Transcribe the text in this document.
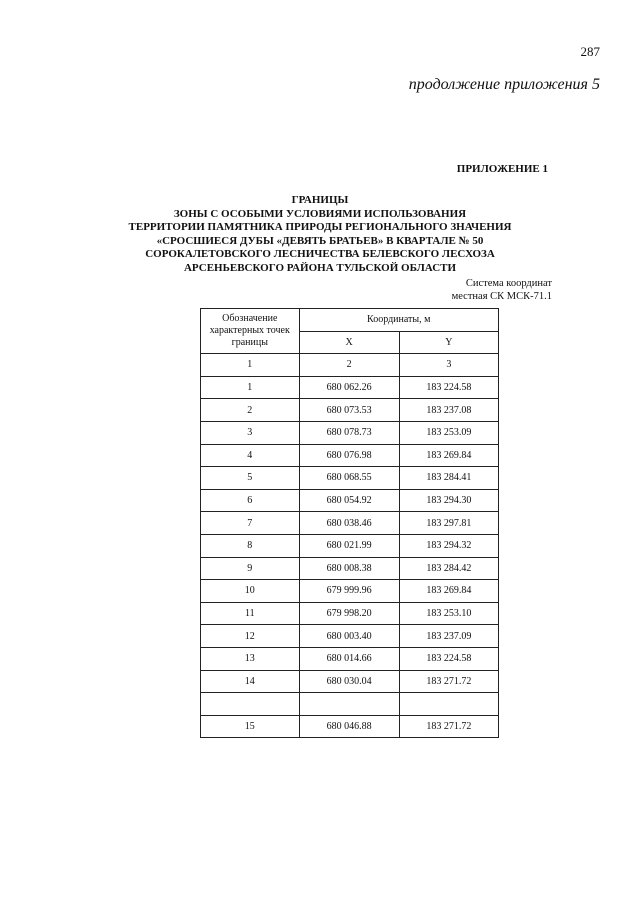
287
продолжение приложения 5
ПРИЛОЖЕНИЕ 1
ГРАНИЦЫ
ЗОНЫ С ОСОБЫМИ УСЛОВИЯМИ ИСПОЛЬЗОВАНИЯ
ТЕРРИТОРИИ ПАМЯТНИКА ПРИРОДЫ РЕГИОНАЛЬНОГО ЗНАЧЕНИЯ
«СРОСШИЕСЯ ДУБЫ «ДЕВЯТЬ БРАТЬЕВ» В КВАРТАЛЕ № 50
СОРОКАЛЕТОВСКОГО ЛЕСНИЧЕСТВА БЕЛЕВСКОГО ЛЕСХОЗА
АРСЕНЬЕВСКОГО РАЙОНА ТУЛЬСКОЙ ОБЛАСТИ
Система координат
местная СК МСК-71.1
Обозначение характерных точек границы	Координаты, м	
	X	Y
1	2	3
1	680 062.26	183 224.58
2	680 073.53	183 237.08
3	680 078.73	183 253.09
4	680 076.98	183 269.84
5	680 068.55	183 284.41
6	680 054.92	183 294.30
7	680 038.46	183 297.81
8	680 021.99	183 294.32
9	680 008.38	183 284.42
10	679 999.96	183 269.84
11	679 998.20	183 253.10
12	680 003.40	183 237.09
13	680 014.66	183 224.58
14	680 030.04	183 271.72

15	680 046.88	183 271.72
